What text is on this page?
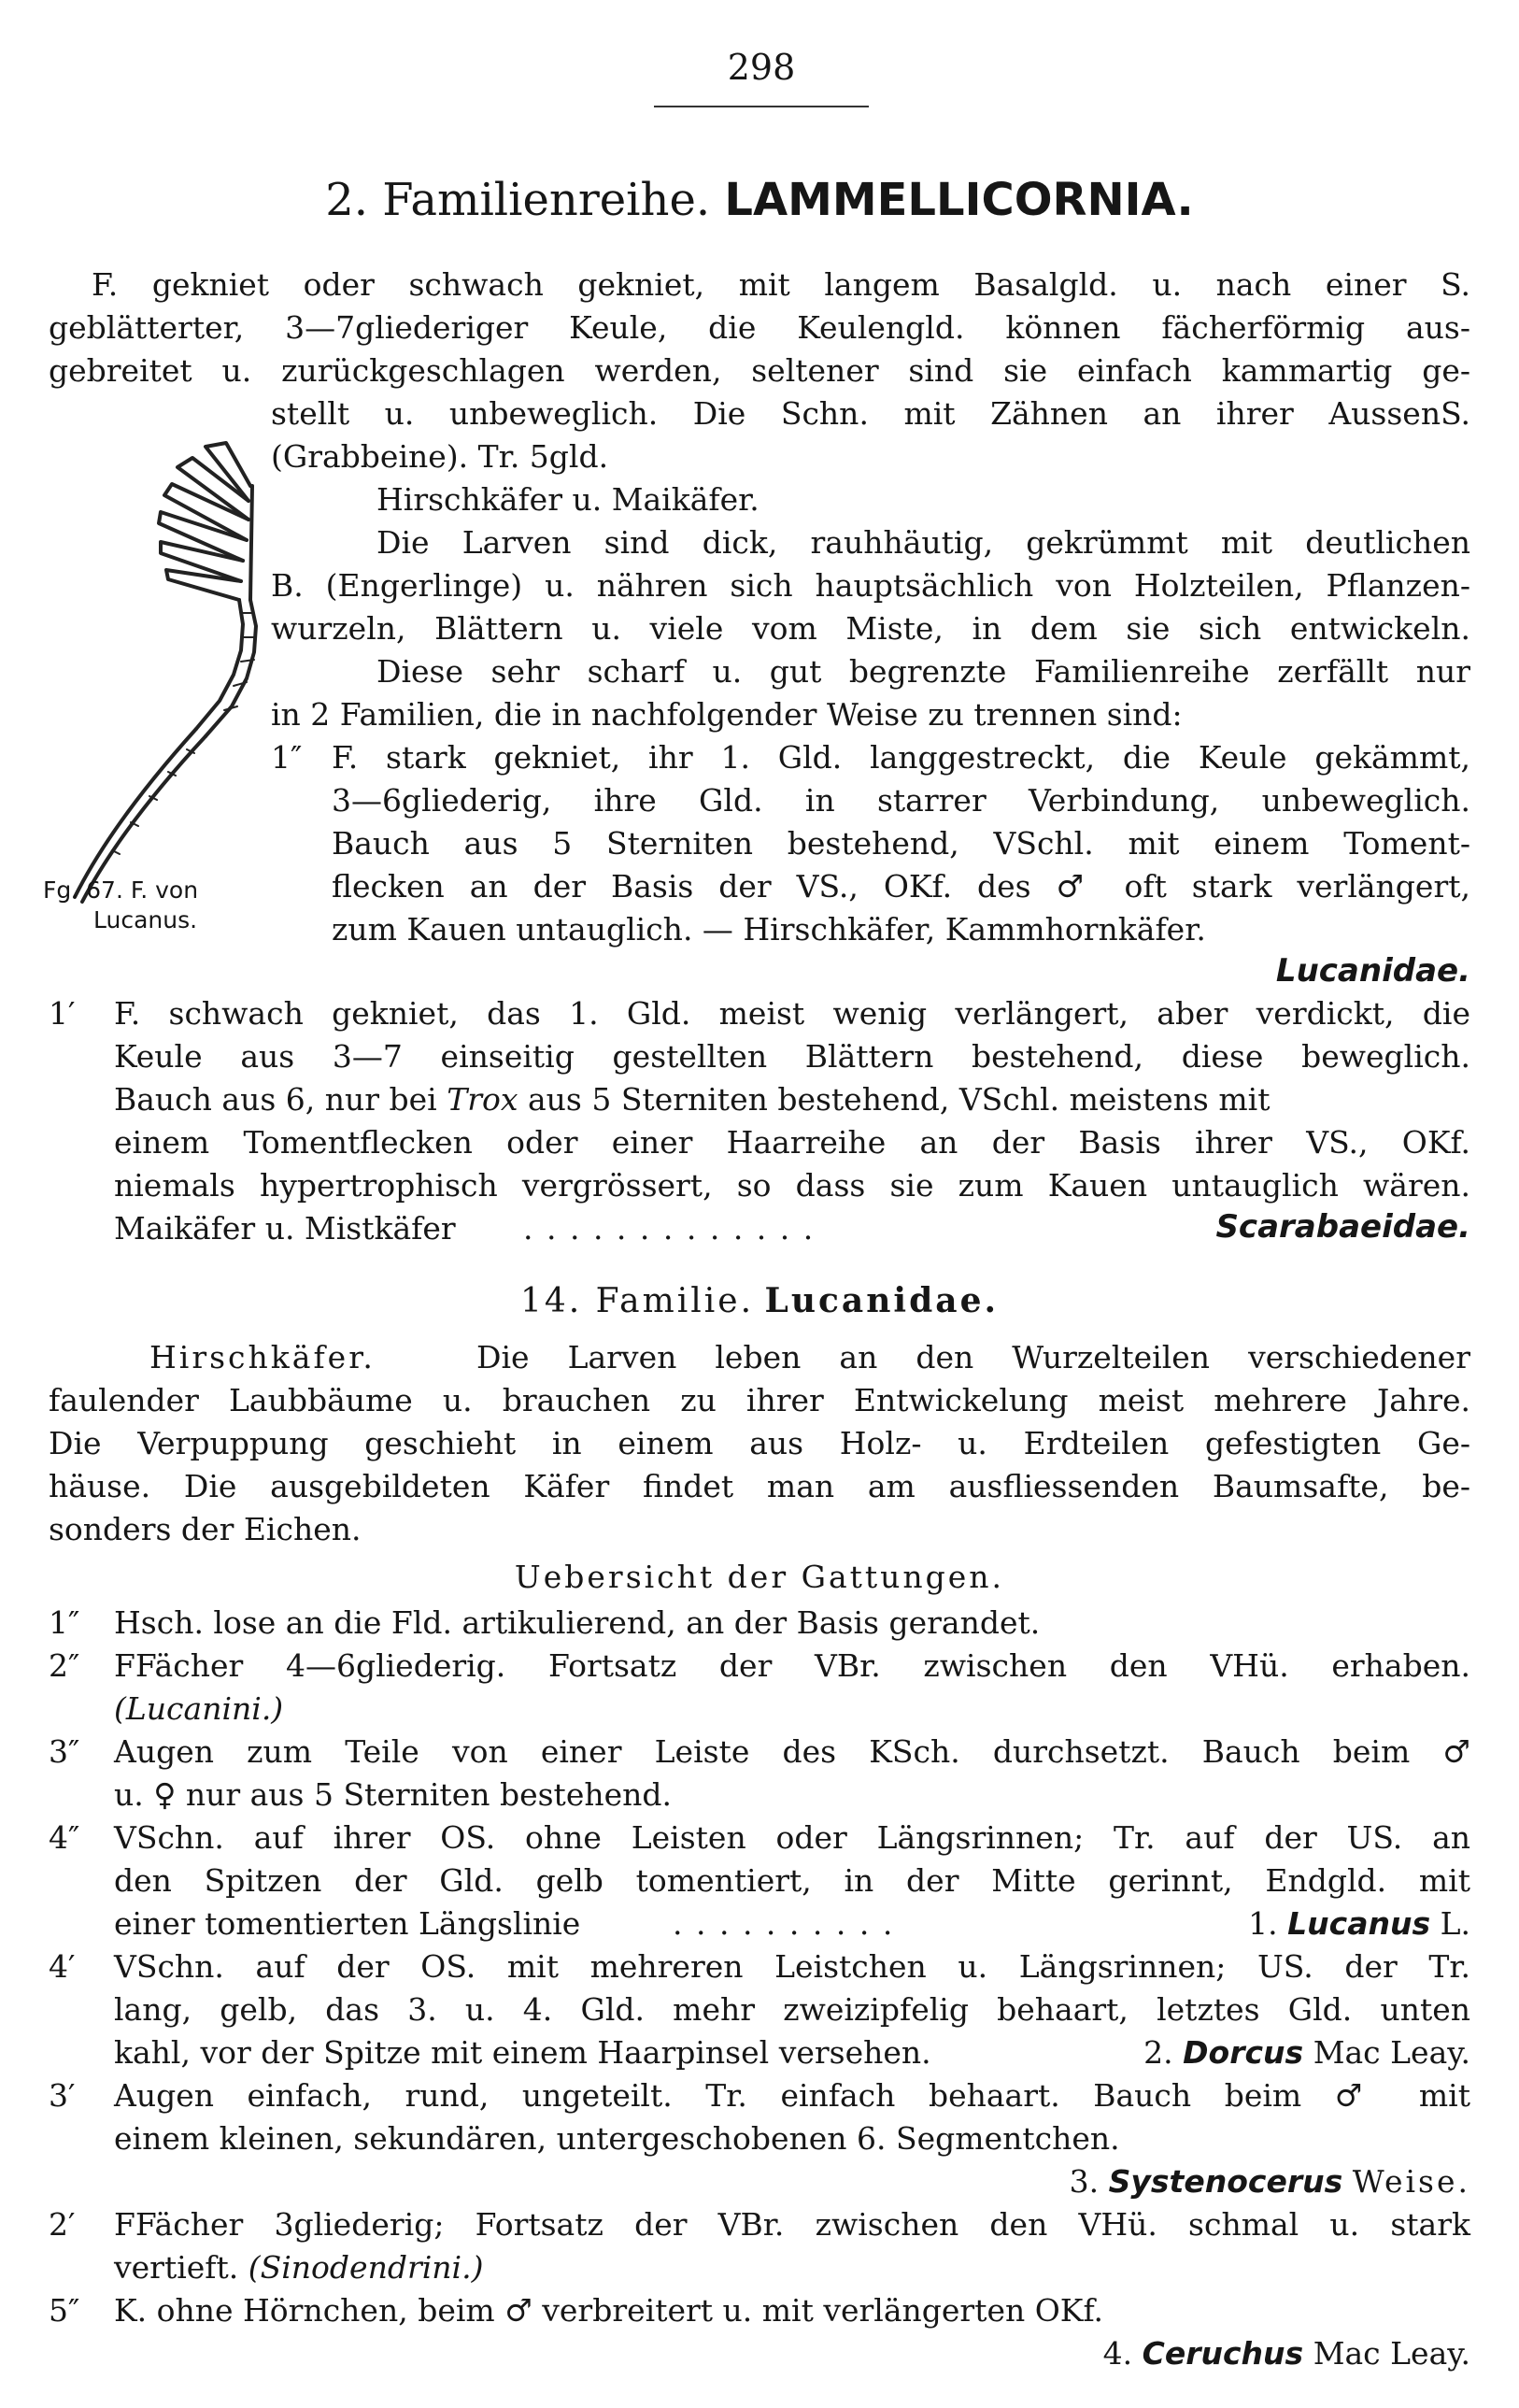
298
2. Familienreihe. LAMMELLICORNIA.
F. gekniet oder schwach gekniet, mit langem Basalgld. u. nach einer S.
geblätterter, 3—7gliederiger Keule, die Keulengld. können fächerförmig aus-
gebreitet u. zurückgeschlagen werden, seltener sind sie einfach kammartig ge-
stellt u. unbeweglich. Die Schn. mit Zähnen an ihrer AussenS.
(Grabbeine). Tr. 5gld.
Hirschkäfer u. Maikäfer.
Die Larven sind dick, rauhhäutig, gekrümmt mit deutlichen
B. (Engerlinge) u. nähren sich hauptsächlich von Holzteilen, Pflanzen-
wurzeln, Blättern u. viele vom Miste, in dem sie sich entwickeln.
Diese sehr scharf u. gut begrenzte Familienreihe zerfällt nur
in 2 Familien, die in nachfolgender Weise zu trennen sind:
1″ F. stark gekniet, ihr 1. Gld. langgestreckt, die Keule gekämmt,
3—6gliederig, ihre Gld. in starrer Verbindung, unbeweglich.
Bauch aus 5 Sterniten bestehend, VSchl. mit einem Toment-
flecken an der Basis der VS., OKf. des ♂ oft stark verlängert,
zum Kauen untauglich. — Hirschkäfer, Kammhornkäfer.
Lucanidae.
Fg. 67. F. von
Lucanus.
1′	F. schwach gekniet, das 1. Gld. meist wenig verlängert, aber verdickt, die
Keule aus 3—7 einseitig gestellten Blättern bestehend, diese beweglich.
Bauch aus 6, nur bei Trox aus 5 Sterniten bestehend, VSchl. meistens mit
einem Tomentflecken oder einer Haarreihe an der Basis ihrer VS., OKf.
niemals hypertrophisch vergrössert, so dass sie zum Kauen untauglich wären.
Maikäfer u. Mistkäfer	. . . . . . . . . . . . .	Scarabaeidae.
14. Familie. Lucanidae.
Hirschkäfer.	Die Larven leben an den Wurzelteilen verschiedener
faulender Laubbäume u. brauchen zu ihrer Entwickelung meist mehrere Jahre.
Die Verpuppung geschieht in einem aus Holz- u. Erdteilen gefestigten Ge-
häuse. Die ausgebildeten Käfer findet man am ausfliessenden Baumsafte, be-
sonders der Eichen.
Uebersicht der Gattungen.
1″	Hsch. lose an die Fld. artikulierend, an der Basis gerandet.
2″	FFächer 4—6gliederig. Fortsatz der VBr. zwischen den VHü. erhaben.
(Lucanini.)
3″	Augen zum Teile von einer Leiste des KSch. durchsetzt. Bauch beim ♂
u. ♀ nur aus 5 Sterniten bestehend.
4″	VSchn. auf ihrer OS. ohne Leisten oder Längsrinnen; Tr. auf der US. an
den Spitzen der Gld. gelb tomentiert, in der Mitte gerinnt, Endgld. mit
einer tomentierten Längslinie	. . . . . . . . . .	1. Lucanus L.
4′	VSchn. auf der OS. mit mehreren Leistchen u. Längsrinnen; US. der Tr.
lang, gelb, das 3. u. 4. Gld. mehr zweizipfelig behaart, letztes Gld. unten
kahl, vor der Spitze mit einem Haarpinsel versehen.	2. Dorcus Mac Leay.
3′	Augen einfach, rund, ungeteilt. Tr. einfach behaart. Bauch beim ♂ mit
einem kleinen, sekundären, untergeschobenen 6. Segmentchen.
3. Systenocerus Weise.
2′	FFächer 3gliederig; Fortsatz der VBr. zwischen den VHü. schmal u. stark
vertieft. (Sinodendrini.)
5″	K. ohne Hörnchen, beim ♂ verbreitert u. mit verlängerten OKf.
4. Ceruchus Mac Leay.
